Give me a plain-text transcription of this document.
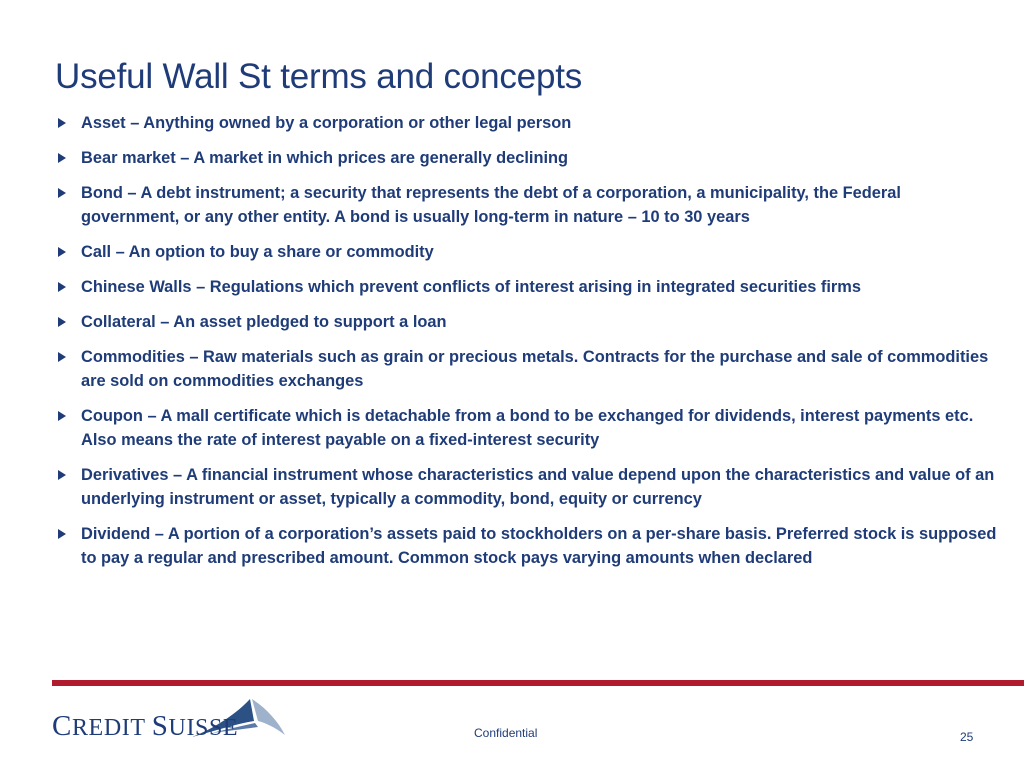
Useful Wall St terms and concepts
Asset – Anything owned by a corporation or other legal person
Bear market – A market in which prices are generally declining
Bond – A debt instrument; a security that represents the debt of a corporation, a municipality, the Federal government, or any other entity. A bond is usually long-term in nature – 10 to 30 years
Call – An option to buy a share or commodity
Chinese Walls – Regulations which prevent conflicts of interest arising in integrated securities firms
Collateral – An asset pledged to support a loan
Commodities – Raw materials such as grain or precious metals. Contracts for the purchase and sale of commodities are sold on commodities exchanges
Coupon – A mall certificate which is detachable from a bond to be exchanged for dividends, interest payments etc. Also means the rate of interest payable on a fixed-interest security
Derivatives – A financial instrument whose characteristics and value depend upon the characteristics and value of an underlying instrument or asset, typically a commodity, bond, equity or currency
Dividend – A portion of a corporation’s assets paid to stockholders on a per-share basis. Preferred stock is supposed to pay a regular and prescribed amount. Common stock pays varying amounts when declared
CREDIT SUISSE	Confidential	25
